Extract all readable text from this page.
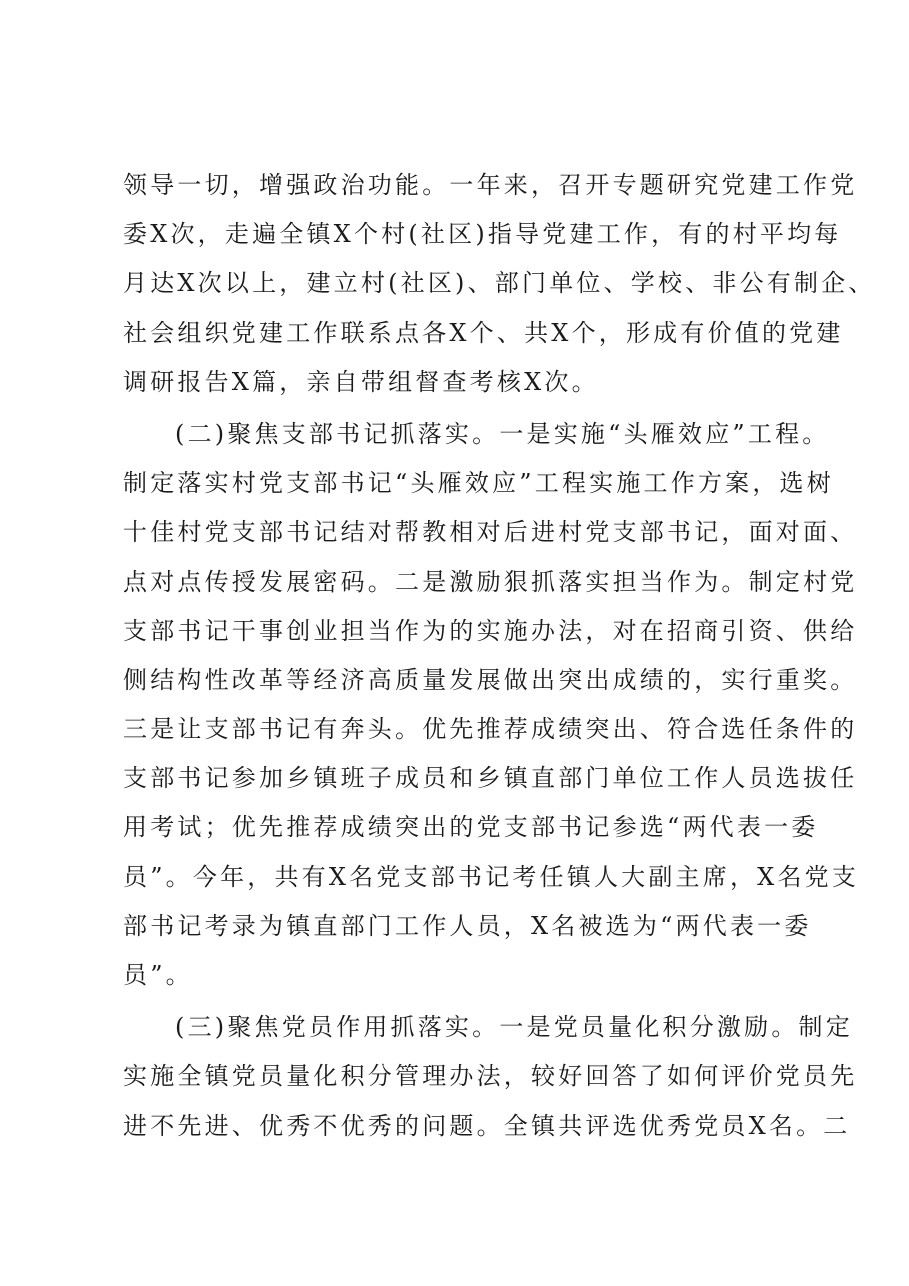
领导一切，增强政治功能。一年来，召开专题研究党建工作党
委X次，走遍全镇X个村(社区)指导党建工作，有的村平均每
月达X次以上，建立村(社区)、部门单位、学校、非公有制企、
社会组织党建工作联系点各X个、共X个，形成有价值的党建
调研报告X篇，亲自带组督查考核X次。
(二)聚焦支部书记抓落实。一是实施“头雁效应”工程。
制定落实村党支部书记“头雁效应”工程实施工作方案，选树
十佳村党支部书记结对帮教相对后进村党支部书记，面对面、
点对点传授发展密码。二是激励狠抓落实担当作为。制定村党
支部书记干事创业担当作为的实施办法，对在招商引资、供给
侧结构性改革等经济高质量发展做出突出成绩的，实行重奖。
三是让支部书记有奔头。优先推荐成绩突出、符合选任条件的
支部书记参加乡镇班子成员和乡镇直部门单位工作人员选拔任
用考试；优先推荐成绩突出的党支部书记参选“两代表一委
员”。今年，共有X名党支部书记考任镇人大副主席，X名党支
部书记考录为镇直部门工作人员，X名被选为“两代表一委
员”。
(三)聚焦党员作用抓落实。一是党员量化积分激励。制定
实施全镇党员量化积分管理办法，较好回答了如何评价党员先
进不先进、优秀不优秀的问题。全镇共评选优秀党员X名。二
